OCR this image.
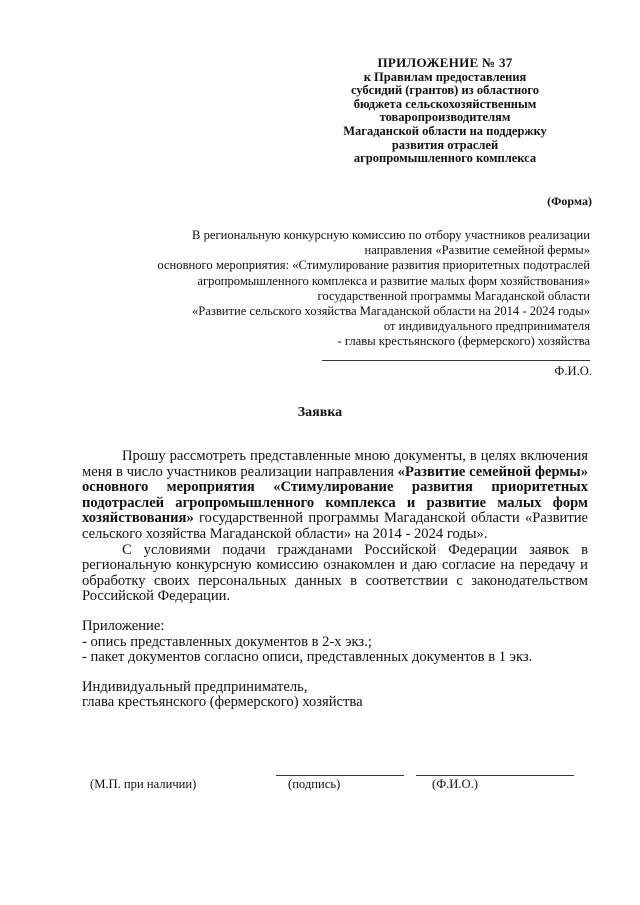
ПРИЛОЖЕНИЕ № 37
к Правилам предоставления
субсидий (грантов) из областного
бюджета сельскохозяйственным
товаропроизводителям
Магаданской области на поддержку
развития отраслей
агропромышленного комплекса
(Форма)
В региональную конкурсную комиссию по отбору участников реализации
направления «Развитие семейной фермы»
основного мероприятия: «Стимулирование развития приоритетных подотраслей
агропромышленного комплекса и развитие малых форм хозяйствования»
государственной программы Магаданской области
«Развитие сельского хозяйства Магаданской области на 2014 - 2024 годы»
от индивидуального предпринимателя
- главы крестьянского (фермерского) хозяйства
Ф.И.О.
Заявка

Прошу рассмотреть представленные мною документы, в целях включения меня в число участников реализации направления «Развитие семейной фермы» основного мероприятия «Стимулирование развития приоритетных подотраслей агропромышленного комплекса и развитие малых форм хозяйствования» государственной программы Магаданской области «Развитие сельского хозяйства Магаданской области» на 2014 - 2024 годы».

С условиями подачи гражданами Российской Федерации заявок в региональную конкурсную комиссию ознакомлен и даю согласие на передачу и обработку своих персональных данных в соответствии с законодательством Российской Федерации.

Приложение:

- опись представленных документов в 2-х экз.;

- пакет документов согласно описи, представленных документов в 1 экз.

Индивидуальный предприниматель,

глава крестьянского (фермерского) хозяйства

(М.П. при наличии)	(подпись)	(Ф.И.О.)
